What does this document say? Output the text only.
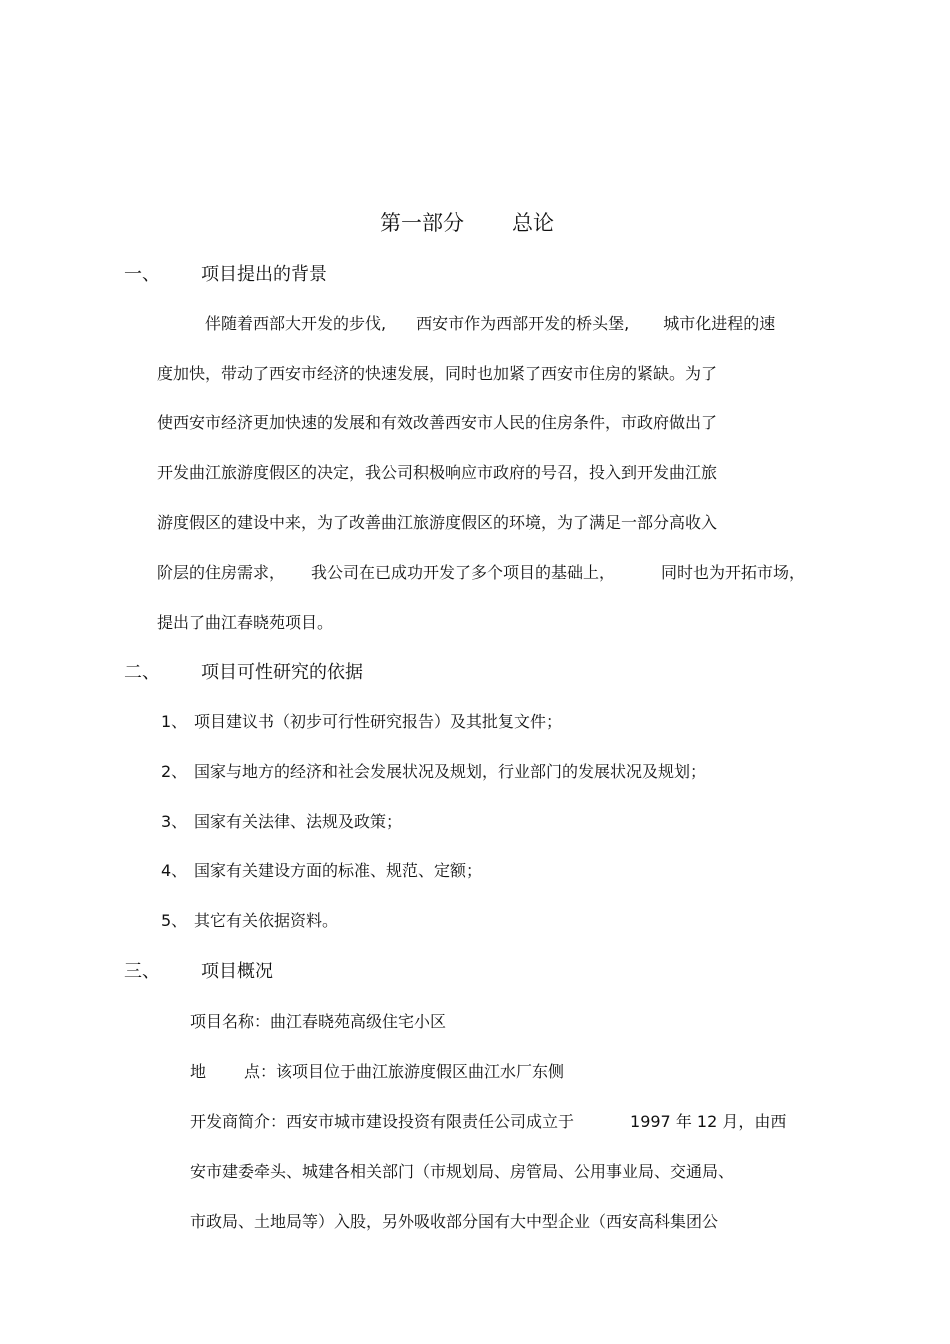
第一部分 总论
一、 项目提出的背景
伴随着西部大开发的步伐, 西安市作为西部开发的桥头堡, 城市化进程的速
度加快，带动了西安市经济的快速发展，同时也加紧了西安市住房的紧缺。为了
使西安市经济更加快速的发展和有效改善西安市人民的住房条件，市政府做出了
开发曲江旅游度假区的决定，我公司积极响应市政府的号召，投入到开发曲江旅
游度假区的建设中来，为了改善曲江旅游度假区的环境，为了满足一部分高收入
阶层的住房需求， 我公司在已成功开发了多个项目的基础上，	同时也为开拓市场，
提出了曲江春晓苑项目。
二、 项目可性研究的依据
1、 项目建议书（初步可行性研究报告）及其批复文件；
2、 国家与地方的经济和社会发展状况及规划，行业部门的发展状况及规划；
3、 国家有关法律、法规及政策；
4、 国家有关建设方面的标准、规范、定额；
5、 其它有关依据资料。
三、 项目概况
项目名称：曲江春晓苑高级住宅小区
地 点：该项目位于曲江旅游度假区曲江水厂东侧
开发商简介：西安市城市建设投资有限责任公司成立于	1997 年 12 月，由西
安市建委牵头、城建各相关部门（市规划局、房管局、公用事业局、交通局、
市政局、土地局等）入股，另外吸收部分国有大中型企业（西安高科集团公
